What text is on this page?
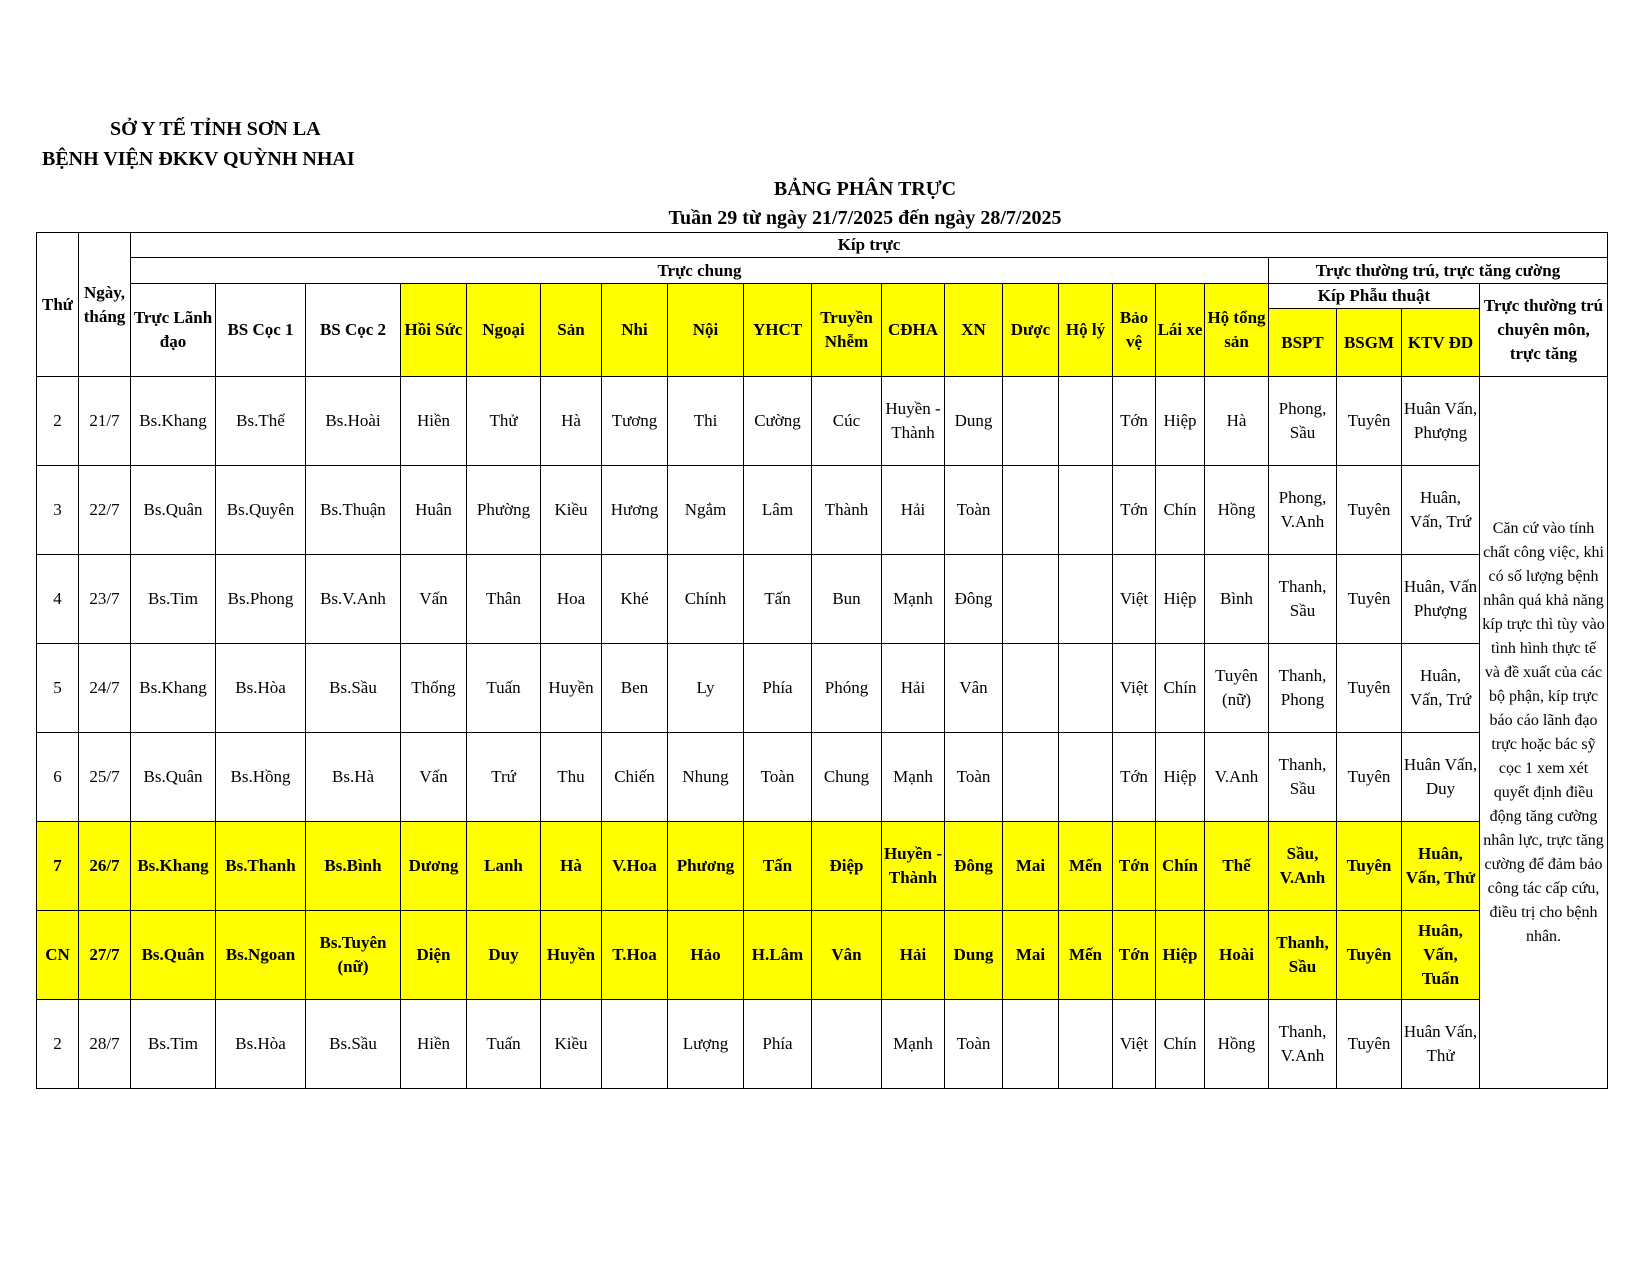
SỞ Y TẾ TỈNH SƠN LA
BỆNH VIỆN ĐKKV QUỲNH NHAI
BẢNG PHÂN TRỰC
Tuần 29 từ ngày 21/7/2025 đến ngày 28/7/2025
Thứ	Ngày, tháng	Kíp trực																				
		Trực chung																	Trực thường trú, trực tăng cường			
		Trực Lãnh đạo	BS Cọc 1	BS Cọc 2	Hồi Sức	Ngoại	Sản	Nhi	Nội	YHCT	Truyền Nhễm	CĐHA	XN	Dược	Hộ lý	Bảo vệ	Lái xe	Hộ tổng sản	Kíp Phẫu thuật			Trực thường trú chuyên môn, trực tăng
																			BSPT	BSGM	KTV ĐD	
2	21/7	Bs.Khang	Bs.Thế	Bs.Hoài	Hiền	Thử	Hà	Tương	Thi	Cường	Cúc	Huyền - Thành	Dung			Tớn	Hiệp	Hà	Phong, Sầu	Tuyên	Huân Vấn, Phượng	Căn cứ vào tính chất công việc, khi có số lượng bệnh nhân quá khả năng kíp trực thì tùy vào tình hình thực tế và đề xuất của các bộ phận, kíp trực báo cáo lãnh đạo trực hoặc bác sỹ cọc 1 xem xét quyết định điều động tăng cường nhân lực, trực tăng cường để đảm bảo công tác cấp cứu, điều trị cho bệnh nhân.
3	22/7	Bs.Quân	Bs.Quyên	Bs.Thuận	Huân	Phường	Kiều	Hương	Ngắm	Lâm	Thành	Hải	Toàn			Tớn	Chín	Hồng	Phong, V.Anh	Tuyên	Huân, Vấn, Trứ	
4	23/7	Bs.Tim	Bs.Phong	Bs.V.Anh	Vấn	Thân	Hoa	Khé	Chính	Tấn	Bun	Mạnh	Đông			Việt	Hiệp	Bình	Thanh, Sầu	Tuyên	Huân, Vấn Phượng	
5	24/7	Bs.Khang	Bs.Hòa	Bs.Sầu	Thống	Tuấn	Huyền	Ben	Ly	Phía	Phóng	Hải	Vân			Việt	Chín	Tuyên (nữ)	Thanh, Phong	Tuyên	Huân, Vấn, Trứ	
6	25/7	Bs.Quân	Bs.Hồng	Bs.Hà	Vấn	Trứ	Thu	Chiến	Nhung	Toàn	Chung	Mạnh	Toàn			Tớn	Hiệp	V.Anh	Thanh, Sầu	Tuyên	Huân Vấn, Duy	
7	26/7	Bs.Khang	Bs.Thanh	Bs.Bình	Dương	Lanh	Hà	V.Hoa	Phương	Tấn	Điệp	Huyền - Thành	Đông	Mai	Mến	Tớn	Chín	Thế	Sầu, V.Anh	Tuyên	Huân, Vấn, Thử	
CN	27/7	Bs.Quân	Bs.Ngoan	Bs.Tuyên (nữ)	Diện	Duy	Huyền	T.Hoa	Hảo	H.Lâm	Vân	Hải	Dung	Mai	Mến	Tớn	Hiệp	Hoài	Thanh, Sầu	Tuyên	Huân, Vấn, Tuấn	
2	28/7	Bs.Tim	Bs.Hòa	Bs.Sầu	Hiền	Tuấn	Kiều		Lượng	Phía		Mạnh	Toàn			Việt	Chín	Hồng	Thanh, V.Anh	Tuyên	Huân Vấn, Thử	
